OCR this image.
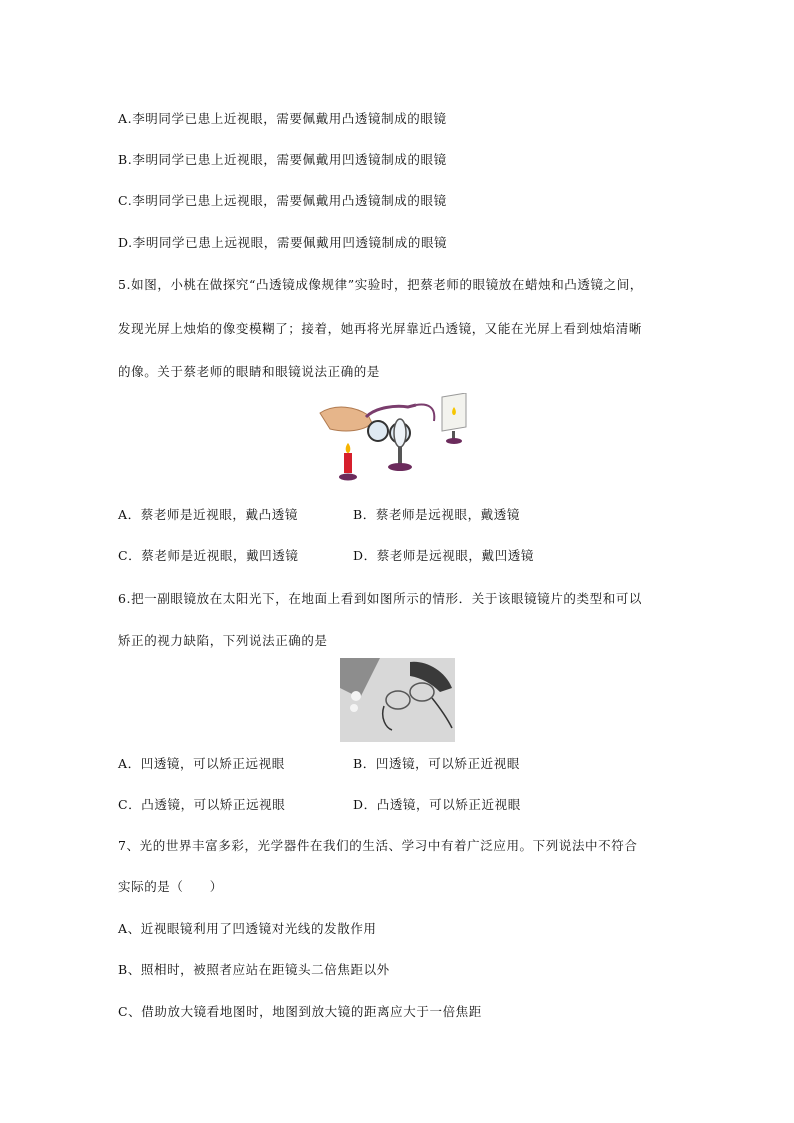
A.李明同学已患上近视眼，需要佩戴用凸透镜制成的眼镜
B.李明同学已患上近视眼，需要佩戴用凹透镜制成的眼镜
C.李明同学已患上远视眼，需要佩戴用凸透镜制成的眼镜
D.李明同学已患上远视眼，需要佩戴用凹透镜制成的眼镜
5.如图，小桃在做探究“凸透镜成像规律”实验时，把蔡老师的眼镜放在蜡烛和凸透镜之间，
发现光屏上烛焰的像变模糊了；接着，她再将光屏靠近凸透镜，又能在光屏上看到烛焰清晰
的像。关于蔡老师的眼睛和眼镜说法正确的是
A．蔡老师是近视眼，戴凸透镜	B．蔡老师是远视眼，戴透镜
C．蔡老师是近视眼，戴凹透镜	D．蔡老师是远视眼，戴凹透镜
6.把一副眼镜放在太阳光下，在地面上看到如图所示的情形．关于该眼镜镜片的类型和可以
矫正的视力缺陷，下列说法正确的是
A．凹透镜，可以矫正远视眼	B．凹透镜，可以矫正近视眼
C．凸透镜，可以矫正远视眼	D．凸透镜，可以矫正近视眼
7、光的世界丰富多彩，光学器件在我们的生活、学习中有着广泛应用。下列说法中不符合
实际的是（　　）
A、近视眼镜利用了凹透镜对光线的发散作用
B、照相时，被照者应站在距镜头二倍焦距以外
C、借助放大镜看地图时，地图到放大镜的距离应大于一倍焦距
